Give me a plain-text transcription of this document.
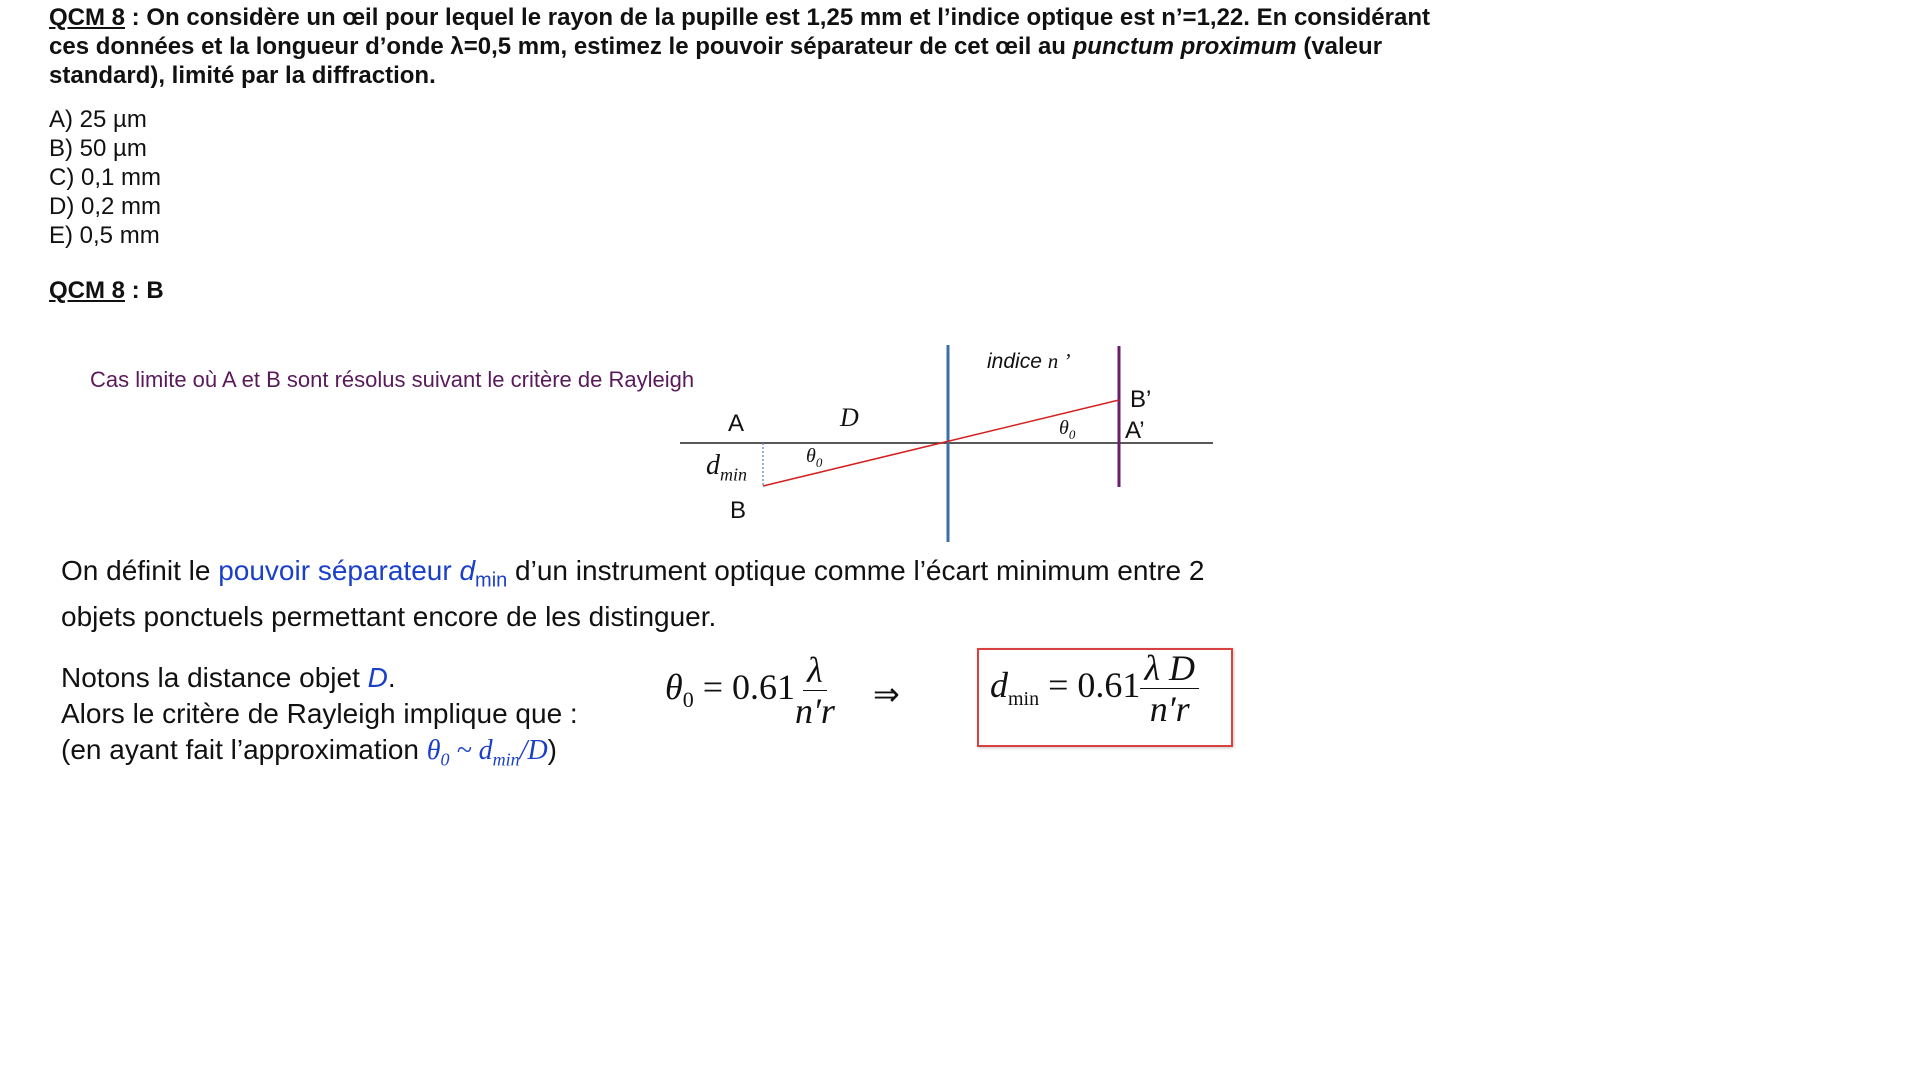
QCM 8 : On considère un œil pour lequel le rayon de la pupille est 1,25 mm et l’indice optique est n’=1,22. En considérant ces données et la longueur d’onde λ=0,5 mm, estimez le pouvoir séparateur de cet œil au punctum proximum (valeur standard), limité par la diffraction.
A) 25 µm
B) 50 µm
C) 0,1 mm
D) 0,2 mm
E) 0,5 mm
QCM 8 : B
Cas limite où A et B sont résolus suivant le critère de Rayleigh
A
B
D
$d_{min}$
$\theta_0$
$\theta_0$
indice n ’
B’
A’
On définit le pouvoir séparateur $d_{min}$ d’un instrument optique comme l’écart minimum entre 2 objets ponctuels permettant encore de les distinguer.
Notons la distance objet D.
Alors le critère de Rayleigh implique que :
(en ayant fait l’approximation $\theta_0$ ~ $d_{min}/D$)
$\theta_0 = 0.61 \frac{\lambda}{n'r}$ ⇒	$d_{min} = 0.61 \frac{\text{λ D}}{n'r}$
